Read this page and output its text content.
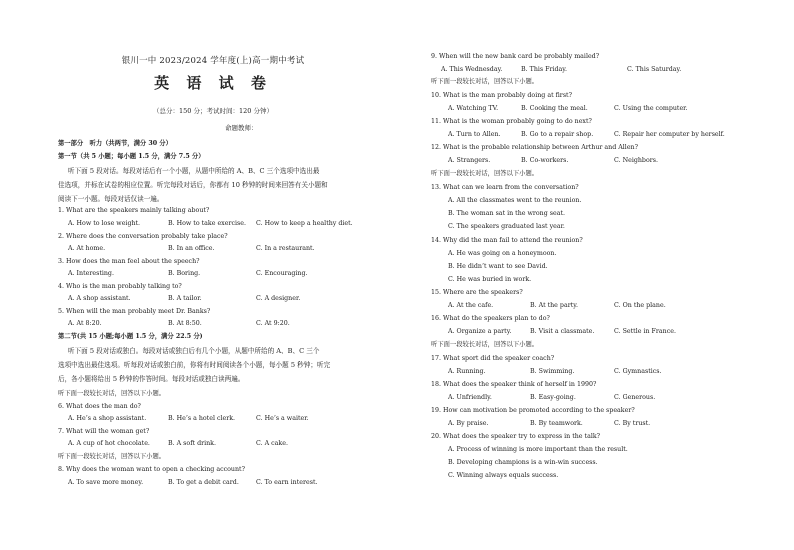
银川一中 2023/2024 学年度(上)高一期中考试
英 语 试 卷
（总分：150 分；考试时间：120 分钟）
命题教师：
第一部分　听力（共两节，满分 30 分）
第一节（共 5 小题；每小题 1.5 分，满分 7.5 分）
听下面 5 段对话。每段对话后有一个小题，从题中所给的 A、B、C 三个选项中选出最
佳选项，并标在试卷的相应位置。听完每段对话后，你都有 10 秒钟的时间来回答有关小题和
阅读下一小题。每段对话仅读一遍。
1. What are the speakers mainly talking about?
A. How to lose weight.	B. How to take exercise. C. How to keep a healthy diet.
2. Where does the conversation probably take place?
A. At home.	B. In an office.	C. In a restaurant.
3. How does the man feel about the speech?
A. Interesting.	B. Boring.	C. Encouraging.
4. Who is the man probably talking to?
A. A shop assistant.	B. A tailor.	C. A designer.
5. When will the man probably meet Dr. Banks?
A. At 8:20.	B. At 8:50.	C. At 9:20.
第二节(共 15 小题;每小题 1.5 分，满分 22.5 分)
听下面 5 段对话或独白。每段对话或独白后有几个小题，从题中所给的 A、B、C 三个
选项中选出最佳选项。听每段对话或独白前，你将有时间阅读各个小题，每小题 5 秒钟；听完
后，各小题将给出 5 秒钟的作答时间。每段对话或独白读两遍。
听下面一段较长对话，回答以下小题。
6. What does the man do?
A. He’s a shop assistant.	B. He’s a hotel clerk.	C. He’s a waiter.
7. What will the woman get?
A. A cup of hot chocolate.	B. A soft drink.	C. A cake.
听下面一段较长对话，回答以下小题。
8. Why does the woman want to open a checking account?
A. To save more money.	B. To get a debit card.	C. To earn interest.
9. When will the new bank card be probably mailed?
A. This Wednesday.	B. This Friday.	C. This Saturday.
听下面一段较长对话，回答以下小题。
10. What is the man probably doing at first?
A. Watching TV.	B. Cooking the meal.	C. Using the computer.
11. What is the woman probably going to do next?
A. Turn to Allen.	B. Go to a repair shop.	C. Repair her computer by herself.
12. What is the probable relationship between Arthur and Allen?
A. Strangers.	B. Co-workers.	C. Neighbors.
听下面一段较长对话，回答以下小题。
13. What can we learn from the conversation?
A. All the classmates went to the reunion.
B. The woman sat in the wrong seat.
C. The speakers graduated last year.
14. Why did the man fail to attend the reunion?
A. He was going on a honeymoon.
B. He didn’t want to see David.
C. He was buried in work.
15. Where are the speakers?
A. At the cafe.	B. At the party.	C. On the plane.
16. What do the speakers plan to do?
A. Organize a party.	B. Visit a classmate.	C. Settle in France.
听下面一段较长对话，回答以下小题。
17. What sport did the speaker coach?
A. Running.	B. Swimming.	C. Gymnastics.
18. What does the speaker think of herself in 1990?
A. Unfriendly.	B. Easy-going.	C. Generous.
19. How can motivation be promoted according to the speaker?
A. By praise.	B. By teamwork.	C. By trust.
20. What does the speaker try to express in the talk?
A. Process of winning is more important than the result.
B. Developing champions is a win-win success.
C. Winning always equals success.
